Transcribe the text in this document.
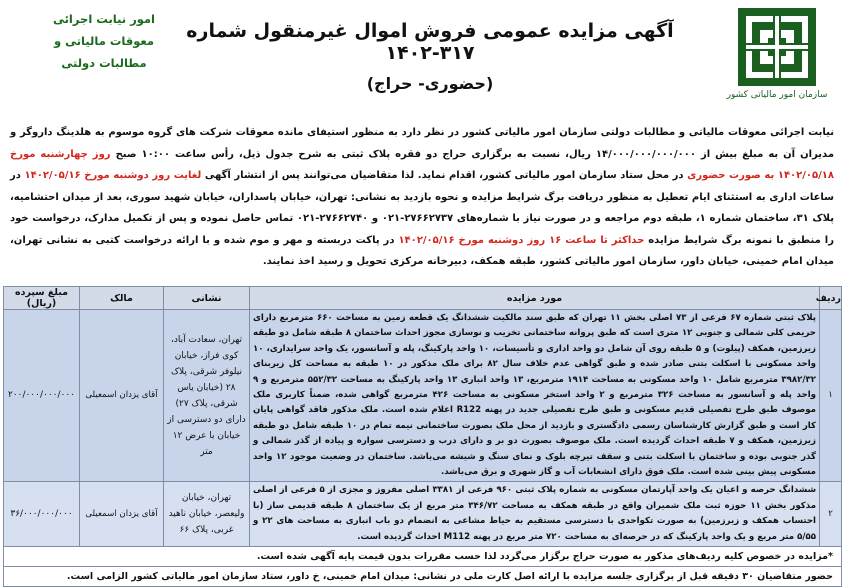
سازمان امور مالیاتی کشور
آگهی مزایده عمومی فروش اموال غیرمنقول شماره ۳۱۷-۱۴۰۲
(حضوری- حراج)
امور نیابت اجرائی
معوقات مالیاتی و
مطالبات دولتی
نیابت اجرائی معوقات مالیاتی و مطالبات دولتی سازمان امور مالیاتی کشور در نظر دارد به منظور استیفای مانده معوقات شرکت های گروه موسوم به هلدینگ داروگر و مدیران آن به مبلغ بیش از ۱۴/۰۰۰/۰۰۰/۰۰۰/۰۰۰ ریال، نسبت به برگزاری حراج دو فقره پلاک ثبتی به شرح جدول ذیل، رأس ساعت ۱۰:۰۰ صبح روز چهارشنبه مورخ ۱۴۰۲/۰۵/۱۸ به صورت حضوری در محل ستاد سازمان امور مالیاتی کشور، اقدام نماید. لذا متقاضیان می‌توانند پس از انتشار آگهی لغایت روز دوشنبه مورخ ۱۴۰۲/۰۵/۱۶ در ساعات اداری به استثنای ایام تعطیل به منظور دریافت برگ شرایط مزایده و نحوه بازدید به نشانی: تهران، خیابان پاسداران، خیابان شهید سوری، بعد از میدان احتشامیه، پلاک ۳۱، ساختمان شماره ۱، طبقه دوم مراجعه و در صورت نیاز با شماره‌های ۲۷۶۶۲۷۳۷-۰۲۱ و ۲۷۶۶۲۷۴۰-۰۲۱ تماس حاصل نموده و پس از تکمیل مدارک، درخواست خود را منطبق با نمونه برگ شرایط مزایده حداکثر تا ساعت ۱۶ روز دوشنبه مورخ ۱۴۰۲/۰۵/۱۶ در پاکت دربسته و مهر و موم شده و با ارائه درخواست کتبی به نشانی تهران، میدان امام خمینی، خیابان داور، سازمان امور مالیاتی کشور، طبقه همکف، دبیرخانه مرکزی تحویل و رسید اخذ نمایند.
ردیف	مورد مزایده	نشانی	مالک	مبلغ سپرده (ریال)
۱	پلاک ثبتی شماره ۶۷ فرعی از ۷۳ اصلی بخش ۱۱ تهران که طبق سند مالکیت ششدانگ یک قطعه زمین به مساحت ۶۶۰ مترمربع دارای حریمی کلی شمالی و جنوبی ۱۲ متری است که طبق پروانه ساختمانی تخریب و نوسازی مجوز احداث ساختمان ۸ طبقه شامل دو طبقه زیرزمین، همکف (پیلوت) و ۵ طبقه روی آن شامل دو واحد اداری و تأسیسات، ۱۰ واحد پارکینگ، پله و آسانسور، یک واحد سرایداری، ۱۰ واحد مسکونی با اسکلت بتنی صادر شده و طبق گواهی عدم خلاف سال ۸۲ برای ملک مذکور در ۱۰ طبقه به مساحت کل زیربنای ۳۹۸۲/۳۲ مترمربع شامل ۱۰ واحد مسکونی به مساحت ۱۹۱۴ مترمربع، ۱۳ واحد انباری ۱۳ واحد پارکینگ به مساحت ۵۵۲/۳۲ مترمربع و ۹ واحد پله و آسانسور به مساحت ۳۲۶ مترمربع و ۲ واحد استخر مسکونی به مساحت ۴۲۶ مترمربع گواهی شده، ضمناً کاربری ملک موصوف طبق طرح تفصیلی قدیم مسکونی و طبق طرح تفصیلی جدید در پهنه R122 اعلام شده است. ملک مذکور فاقد گواهی پایان کار است و طبق گزارش کارشناسان رسمی دادگستری و بازدید از محل ملک بصورت ساختمانی نیمه تمام در ۱۰ طبقه شامل دو طبقه زیرزمین، همکف و ۷ طبقه احداث گردیده است. ملک موصوف بصورت دو بر و دارای درب و دسترسی سواره و پیاده از گذر شمالی و گذر جنوبی بوده و ساختمان با اسکلت بتنی و سقف تیرچه بلوک و نمای سنگ و شیشه می‌باشد. ساختمان در وضعیت موجود ۱۲ واحد مسکونی پیش بینی شده است. ملک فوق دارای انشعابات آب و گاز شهری و برق می‌باشد.	تهران، سعادت آباد، کوی فراز، خیابان نیلوفر شرقی، پلاک ۲۸ (خیابان یاس شرقی، پلاک ۲۷) دارای دو دسترسی از خیابان با عرض ۱۲ متر	آقای یزدان اسمعیلی	۲۰۰/۰۰۰/۰۰۰/۰۰۰
۲	ششدانگ حرصه و اعیان یک واحد آپارتمان مسکونی به شماره پلاک ثبتی ۹۶۰ فرعی از ۳۳۸۱ اصلی مفروز و مجزی از ۵ فرعی از اصلی مذکور بخش ۱۱ حوزه ثبت ملک شمیران واقع در طبقه همکف به مساحت ۳۴۶/۷۲ متر مربع از یک ساختمان ۸ طبقه قدیمی ساز (با احتساب همکف و زیرزمین) به صورت تکواحدی با دسترسی مستقیم به حیاط مشاعی به انضمام دو باب انباری به مساحت های ۲۲ و ۵/۵۵ متر مربع و یک واحد پارکینگ که در حرصه‌ای به مساحت ۷۲۰ متر مربع در پهنه M112 احداث گردیده است.	تهران، خیابان ولیعصر، خیابان ناهید غربی، پلاک ۶۶	آقای یزدان اسمعیلی	۳۶/۰۰۰/۰۰۰/۰۰۰
*مزایده در خصوص کلیه ردیف‌های مذکور به صورت حراج برگزار می‌گردد لذا حسب مقررات بدون قیمت پایه آگهی شده است.				
حضور متقاضیان ۳۰ دقیقه قبل از برگزاری جلسه مزایده با ارائه اصل کارت ملی در نشانی: میدان امام خمینی، خ داور، ستاد سازمان امور مالیاتی کشور الزامی است.				
